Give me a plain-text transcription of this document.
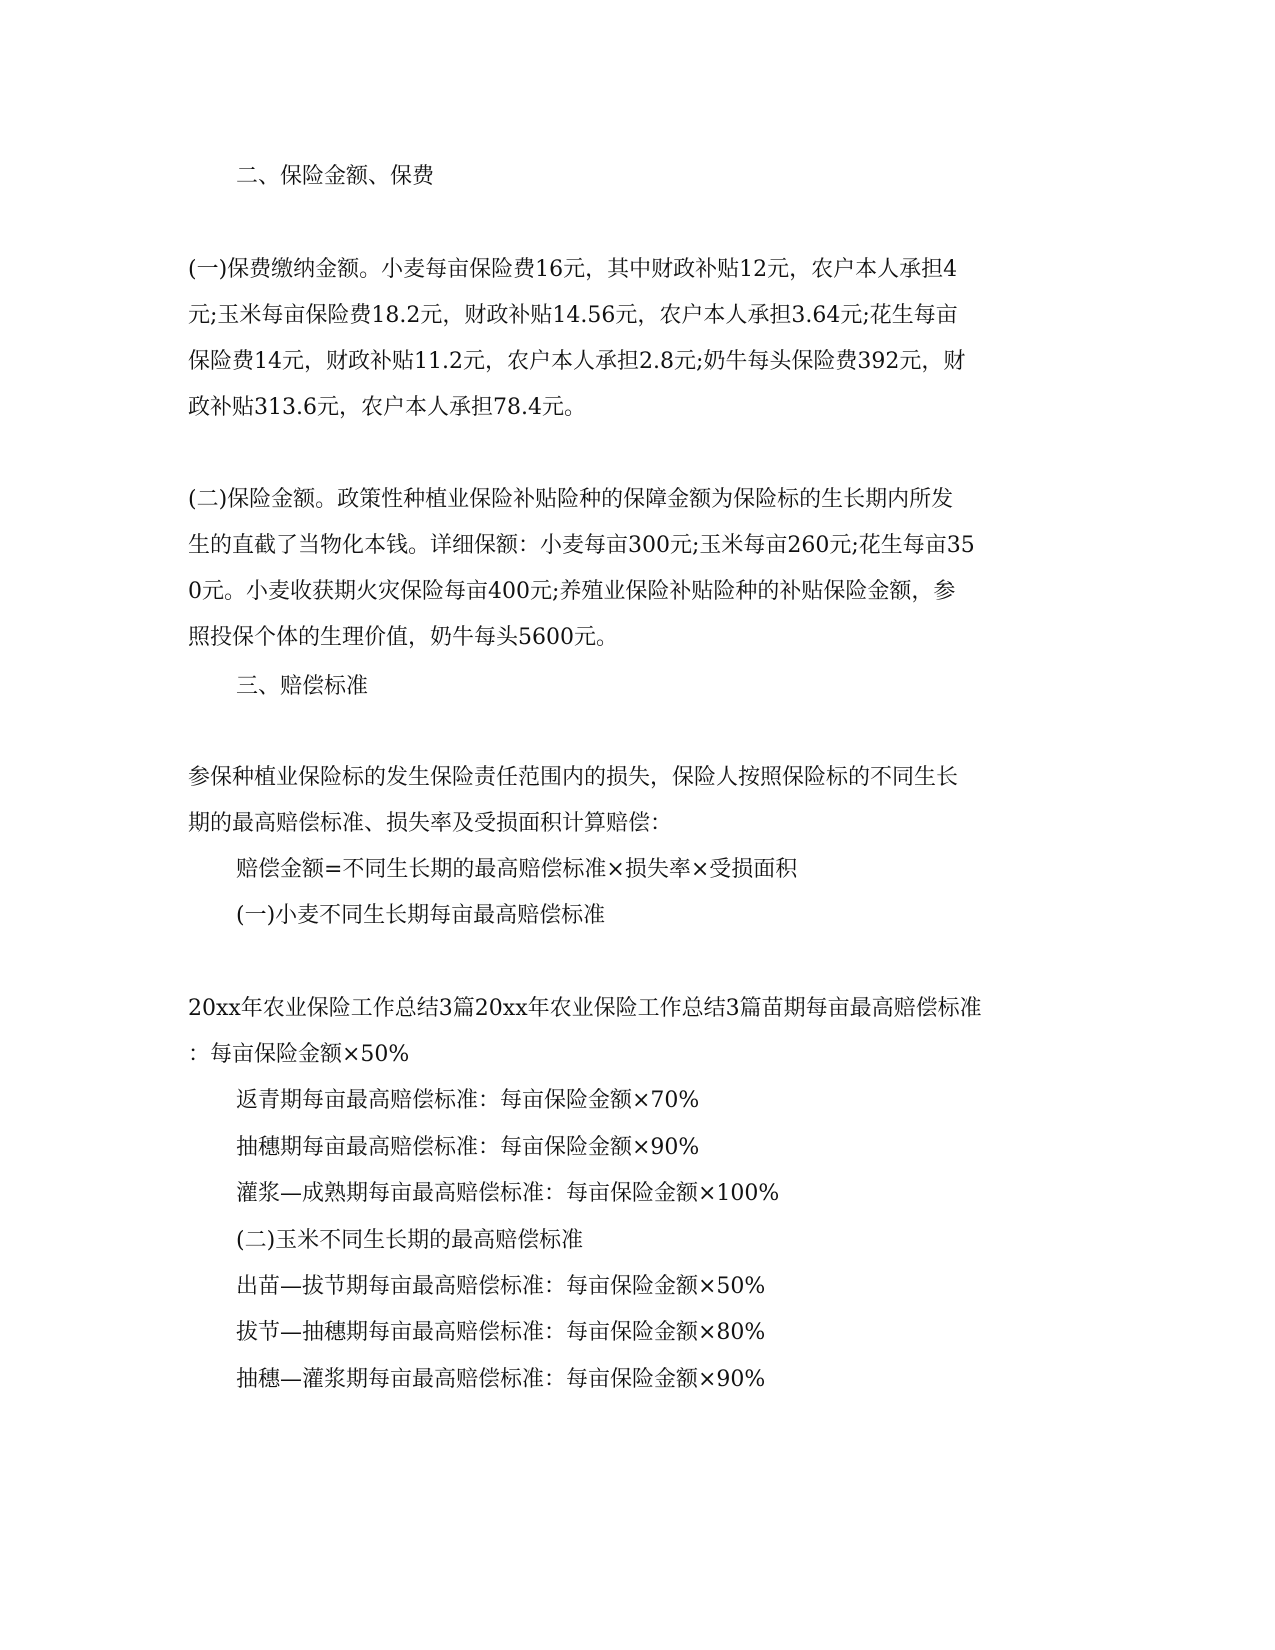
二、保险金额、保费
(一)保费缴纳金额。小麦每亩保险费16元，其中财政补贴12元，农户本人承担4
元;玉米每亩保险费18.2元，财政补贴14.56元，农户本人承担3.64元;花生每亩
保险费14元，财政补贴11.2元，农户本人承担2.8元;奶牛每头保险费392元，财
政补贴313.6元，农户本人承担78.4元。
(二)保险金额。政策性种植业保险补贴险种的保障金额为保险标的生长期内所发
生的直截了当物化本钱。详细保额：小麦每亩300元;玉米每亩260元;花生每亩35
0元。小麦收获期火灾保险每亩400元;养殖业保险补贴险种的补贴保险金额，参
照投保个体的生理价值，奶牛每头5600元。
三、赔偿标准
参保种植业保险标的发生保险责任范围内的损失，保险人按照保险标的不同生长
期的最高赔偿标准、损失率及受损面积计算赔偿：
赔偿金额=不同生长期的最高赔偿标准×损失率×受损面积
(一)小麦不同生长期每亩最高赔偿标准
20xx年农业保险工作总结3篇20xx年农业保险工作总结3篇苗期每亩最高赔偿标准
：每亩保险金额×50%
返青期每亩最高赔偿标准：每亩保险金额×70%
抽穗期每亩最高赔偿标准：每亩保险金额×90%
灌浆—成熟期每亩最高赔偿标准：每亩保险金额×100%
(二)玉米不同生长期的最高赔偿标准
出苗—拔节期每亩最高赔偿标准：每亩保险金额×50%
拔节—抽穗期每亩最高赔偿标准：每亩保险金额×80%
抽穗—灌浆期每亩最高赔偿标准：每亩保险金额×90%
